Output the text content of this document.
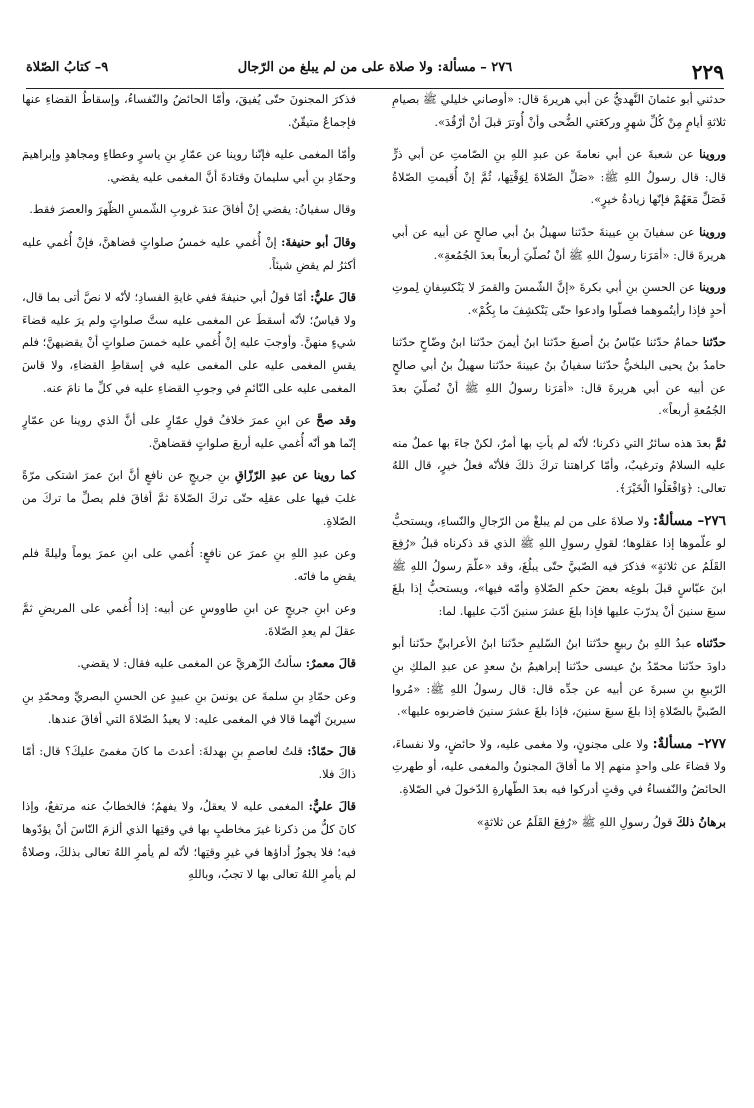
٢٢٩
٢٧٦ – مسألة: ولا صلاة على من لم يبلغ من الرّجال
٩– كتابُ الصّلاة

حدثني أبو عثمانَ النَّهديُّ عن أبي هريرةَ قال: «أوصاني خليلي ﷺ بصيامِ ثلاثةِ أيامٍ مِنْ كُلِّ شهرٍ وركعَتي الضُّحى وأنْ أُوترَ قبلَ أنْ أرْقُدَ».

وروينا عن شعبةَ عن أبي نعامةَ عن عبدِ اللهِ بنِ الصّامتِ عن أبي ذرٍّ قال: قال رسولُ اللهِ ﷺ: «صَلِّ الصّلاةَ لِوَقْتِها، ثُمَّ إنْ أُقيمتِ الصّلاةُ فَصَلِّ مَعَهُمْ فإنّها زيادةُ خيرٍ».

وروينا عن سفيانَ بنِ عيينةَ حدّثنا سهيلُ بنُ أبي صالحٍ عن أبيه عن أبي هريرةَ قال: «أمَرَنا رسولُ اللهِ ﷺ أنْ نُصلّيَ أربعاً بعدَ الجُمُعةِ».

وروينا عن الحسنِ بنِ أبي بكرةَ «إنَّ الشّمسَ والقمرَ لا يَنْكسِفانِ لِموتِ أحدٍ فإذا رأيتُموهما فصلّوا وادعوا حتّى يَنْكشِفَ ما بِكُمْ».

حدّثنا حمامٌ حدّثنا عبّاسُ بنُ أصبغَ حدّثنا ابنُ أيمنَ حدّثنا ابنُ وضّاحٍ حدّثنا حامدُ بنُ يحيى البلخيُّ حدّثنا سفيانُ بنُ عيينةَ حدّثنا سهيلُ بنُ أبي صالحٍ عن أبيه عن أبي هريرةَ قال: «أمَرَنا رسولُ اللهِ ﷺ أنْ نُصلّيَ بعدَ الجُمُعةِ أربعاً».

ثمَّ بعدَ هذه سائرُ التي ذكرنا؛ لأنّه لم يأتِ بها أمرٌ، لكنْ جاءَ بها عملٌ منه عليه السلامُ وترغيبٌ، وأمّا كراهتنا تركَ ذلكَ فلأنّه فعلُ خيرٍ، قال اللهُ تعالى: ﴿وَافْعَلُوا الْخَيْرَ﴾.

٢٧٦– مسألةٌ: ولا صلاةَ على من لم يبلغْ من الرّجالِ والنّساءِ، ويستحبُّ لو علّموها إذا عقلوها؛ لقولِ رسولِ اللهِ ﷺ الذي قد ذكرناه قبلُ «رُفِعَ القَلَمُ عن ثلاثةٍ» فذكرَ فيه الصّبيَّ حتّى يبلُغَ، وقد «علّمَ رسولُ اللهِ ﷺ ابنَ عبّاسٍ قبلَ بلوغِه بعضَ حكمِ الصّلاةِ وأمّه فيها»، ويستحبُّ إذا بلغَ سبعَ سنينَ أنْ يدرّبَ عليها فإذا بلغَ عشرَ سنينَ أدّبَ عليها. لما:

حدّثناه عبدُ اللهِ بنُ ربيعٍ حدّثنا ابنُ السّليمِ حدّثنا ابنُ الأعرابيِّ حدّثنا أبو داودَ حدّثنا محمّدُ بنُ عيسى حدّثنا إبراهيمُ بنُ سعدٍ عن عبدِ الملكِ بنِ الرّبيعِ بنِ سبرةَ عن أبيه عن جدِّه قال: قال رسولُ اللهِ ﷺ: «مُروا الصّبيَّ بالصّلاةِ إذا بلغَ سبعَ سنينَ، فإذا بلغَ عشرَ سنينَ فاضربوه عليها».

٢٧٧– مسألةٌ: ولا على مجنونٍ، ولا مغمى عليه، ولا حائضٍ، ولا نفساءَ، ولا قضاءَ على واحدٍ منهم إلا ما أفاقَ المجنونُ والمغمى عليه، أو طهرتِ الحائضُ والنّفساءُ في وقتٍ أدركوا فيه بعدَ الطّهارةِ الدّخولَ في الصّلاةِ.

برهانُ ذلكَ قولُ رسولِ اللهِ ﷺ «رُفِعَ القَلَمُ عن ثلاثةٍ»

فذكرَ المجنونَ حتّى يُفيقَ، وأمّا الحائضُ والنّفساءُ، وإسقاطُ القضاءِ عنها فإجماعٌ متيقّنٌ.

وأمّا المغمى عليه فإنّنا روينا عن عمّارِ بنِ ياسرٍ وعطاءٍ ومجاهدٍ وإبراهيمَ وحمّادِ بنِ أبي سليمانَ وقتادةَ أنَّ المغمى عليه يقضي.

وقال سفيانُ: يقضي إنْ أفاقَ عندَ غروبِ الشّمسِ الظّهرَ والعصرَ فقط.

وقالَ أبو حنيفةَ: إنْ أُغمي عليه خمسُ صلواتٍ قضاهنَّ، فإنْ أُغمي عليه أكثرُ لم يقضِ شيئاً.

قالَ عليٌّ: أمّا قولُ أبي حنيفةَ ففي غايةِ الفسادِ؛ لأنّه لا نصَّ أتى بما قال، ولا قياسٌ؛ لأنّه أسقطَ عن المغمى عليه ستَّ صلواتٍ ولم يرَ عليه قضاءَ شيءٍ منهنَّ. وأوجبَ عليه إنْ أُغمي عليه خمسَ صلواتٍ أنْ يقضيهنَّ؛ فلم يقسِ المغمى عليه على المغمى عليه في إسقاطِ القضاءِ، ولا قاسَ المغمى عليه على النّائمِ في وجوبِ القضاءِ عليه في كلِّ ما نامَ عنه.

وقد صحَّ عن ابنِ عمرَ خلافُ قولِ عمّارٍ على أنَّ الذي روينا عن عمّارٍ إنّما هو أنّه أُغمي عليه أربعَ صلواتٍ فقضاهنَّ.

كما روينا عن عبدِ الرّزّاقِ بنِ جريجٍ عن نافعٍ أنَّ ابنَ عمرَ اشتكى مرّةً غلبَ فيها على عقلِه حتّى تركَ الصّلاةَ ثمَّ أفاقَ فلم يصلِّ ما تركَ من الصّلاةِ.

وعن عبدِ اللهِ بنِ عمرَ عن نافعٍ: أُغمي على ابنِ عمرَ يوماً وليلةً فلم يقضِ ما فاتَه.

وعن ابنِ جريجٍ عن ابنِ طاووسٍ عن أبيه: إذا أُغمي على المريضِ ثمَّ عقلَ لم يعدِ الصّلاةَ.

قالَ معمرٌ: سألتُ الزّهريَّ عن المغمى عليه فقال: لا يقضي.

وعن حمّادِ بنِ سلمةَ عن يونسَ بنِ عبيدٍ عن الحسنِ البصريِّ ومحمّدِ بنِ سيرينَ أنّهما قالا في المغمى عليه: لا يعيدُ الصّلاةَ التي أفاقَ عندها.

قالَ حمّادٌ: قلتُ لعاصمِ بنِ بهدلةَ: أعدتَ ما كانَ مغمىً عليكَ؟ قال: أمّا ذاكَ فلا.

قالَ عليٌّ: المغمى عليه لا يعقلُ، ولا يفهمُ؛ فالخطابُ عنه مرتفعٌ، وإذا كانَ كلُّ من ذكرنا غيرَ مخاطبٍ بها في وقتِها الذي ألزمَ النّاسَ أنْ يؤدّوها فيه؛ فلا يجوزُ أداؤها في غيرِ وقتِها؛ لأنّه لم يأمرِ اللهُ تعالى بذلكَ، وصلاةٌ لم يأمرِ اللهُ تعالى بها لا تجبُ، وباللهِ
